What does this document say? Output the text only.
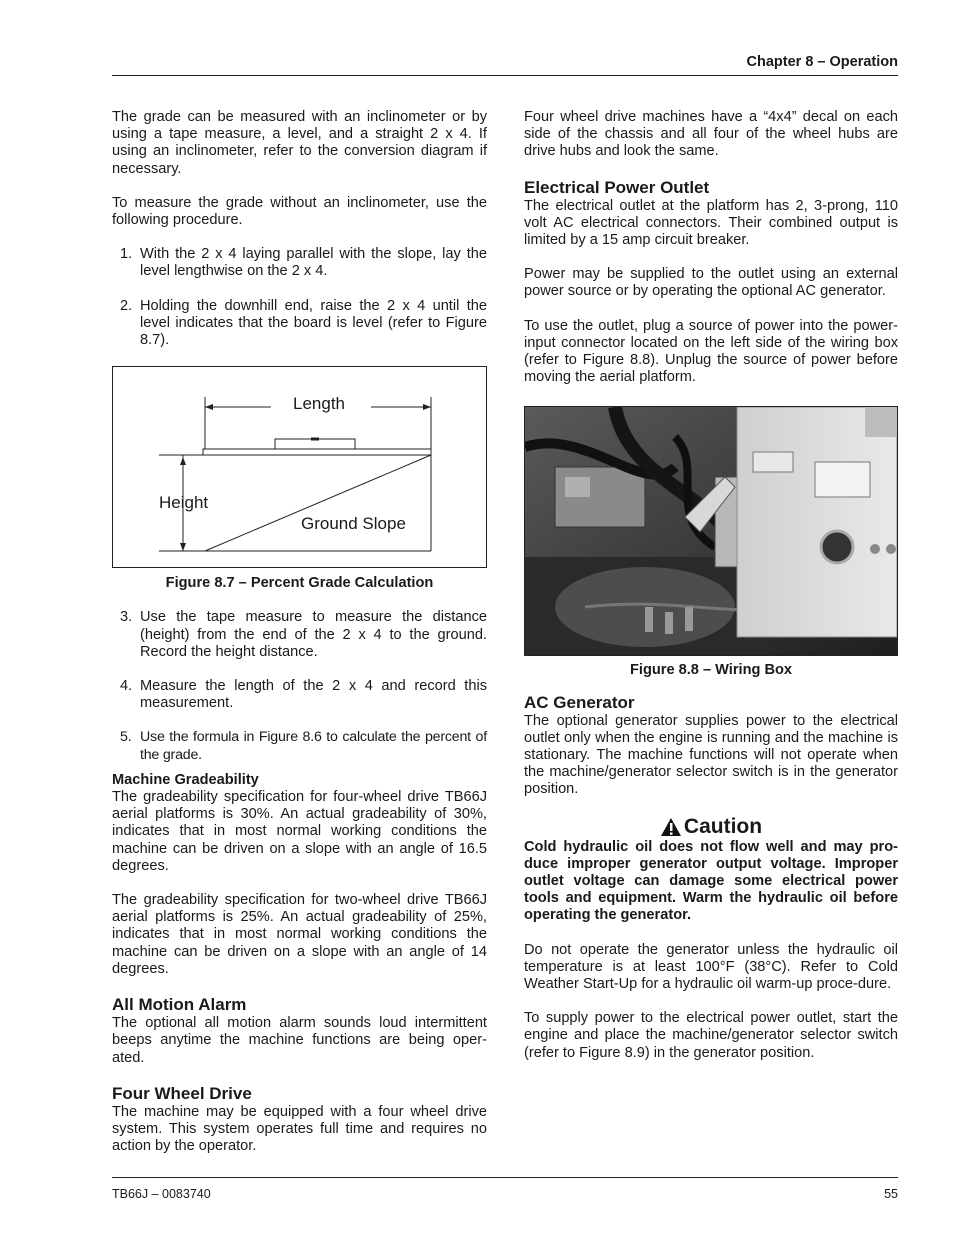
Chapter 8 – Operation

The grade can be measured with an inclinometer or by using a tape measure, a level, and a straight 2 x 4. If using an inclinometer, refer to the conversion diagram if necessary.

To measure the grade without an inclinometer, use the following procedure.

1. With the 2 x 4 laying parallel with the slope, lay the level lengthwise on the 2 x 4.
2. Holding the downhill end, raise the 2 x 4 until the level indicates that the board is level (refer to Figure 8.7).
Length
Height
Ground Slope
Figure 8.7 – Percent Grade Calculation
3. Use the tape measure to measure the distance (height) from the end of the 2 x 4 to the ground. Record the height distance.
4. Measure the length of the 2 x 4 and record this measurement.
5. Use the formula in Figure 8.6 to calculate the percent of the grade.
Machine Gradeability

The gradeability specification for four-wheel drive TB66J aerial platforms is 30%. An actual gradeability of 30%, indicates that in most normal working conditions the machine can be driven on a slope with an angle of 16.5 degrees.

The gradeability specification for two-wheel drive TB66J aerial platforms is 25%. An actual gradeability of 25%, indicates that in most normal working conditions the machine can be driven on a slope with an angle of 14 degrees.

All Motion Alarm

The optional all motion alarm sounds loud intermittent beeps anytime the machine functions are being oper-ated.

Four Wheel Drive

The machine may be equipped with a four wheel drive system. This system operates full time and requires no action by the operator.

Four wheel drive machines have a “4x4” decal on each side of the chassis and all four of the wheel hubs are drive hubs and look the same.

Electrical Power Outlet

The electrical outlet at the platform has 2, 3-prong, 110 volt AC electrical connectors. Their combined output is limited by a 15 amp circuit breaker.

Power may be supplied to the outlet using an external power source or by operating the optional AC generator.

To use the outlet, plug a source of power into the power-input connector located on the left side of the wiring box (refer to Figure 8.8). Unplug the source of power before moving the aerial platform.

Figure 8.8 – Wiring Box
AC Generator

The optional generator supplies power to the electrical outlet only when the engine is running and the machine is stationary. The machine functions will not operate when the machine/generator selector switch is in the generator position.

Caution

Cold hydraulic oil does not flow well and may pro-duce improper generator output voltage. Improper outlet voltage can damage some electrical power tools and equipment. Warm the hydraulic oil before operating the generator.

Do not operate the generator unless the hydraulic oil temperature is at least 100°F (38°C). Refer to Cold Weather Start-Up for a hydraulic oil warm-up proce-dure.

To supply power to the electrical power outlet, start the engine and place the machine/generator selector switch (refer to Figure 8.9) in the generator position.

TB66J – 0083740	55
